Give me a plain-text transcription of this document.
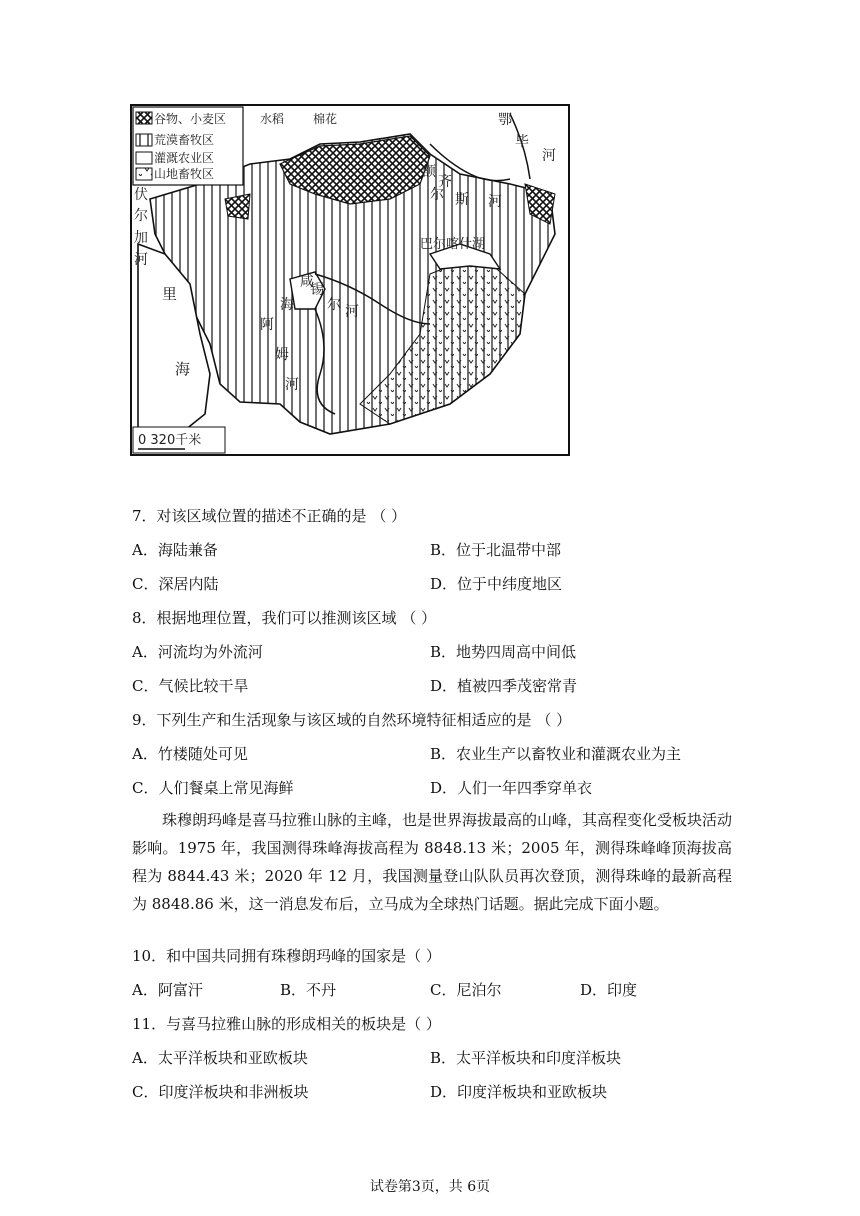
谷物、小麦区	水稻 棉花
荒漠畜牧区
灌溉农业区
山地畜牧区
鄂
毕
河
额
尔
齐
斯 河
伏
尔
加
河
巴尔喀什湖
里
海
海
咸
锡
尔 河
阿
姆
河
0 320千米
7．对该区域位置的描述不正确的是 （ ）
A．海陆兼备	B．位于北温带中部
C．深居内陆	D．位于中纬度地区
8．根据地理位置，我们可以推测该区域 （ ）
A．河流均为外流河	B．地势四周高中间低
C．气候比较干旱	D．植被四季茂密常青
9．下列生产和生活现象与该区域的自然环境特征相适应的是 （ ）
A．竹楼随处可见	B．农业生产以畜牧业和灌溉农业为主
C．人们餐桌上常见海鲜	D．人们一年四季穿单衣
珠穆朗玛峰是喜马拉雅山脉的主峰，也是世界海拔最高的山峰，其高程变化受板块活动影响。1975 年，我国测得珠峰海拔高程为 8848.13 米；2005 年，测得珠峰峰顶海拔高程为 8844.43 米；2020 年 12 月，我国测量登山队队员再次登顶，测得珠峰的最新高程为 8848.86 米，这一消息发布后，立马成为全球热门话题。据此完成下面小题。
10．和中国共同拥有珠穆朗玛峰的国家是（ ）
A．阿富汗	B．不丹	C．尼泊尔	D．印度
11．与喜马拉雅山脉的形成相关的板块是（ ）
A．太平洋板块和亚欧板块	B．太平洋板块和印度洋板块
C．印度洋板块和非洲板块	D．印度洋板块和亚欧板块
试卷第3页，共 6页
